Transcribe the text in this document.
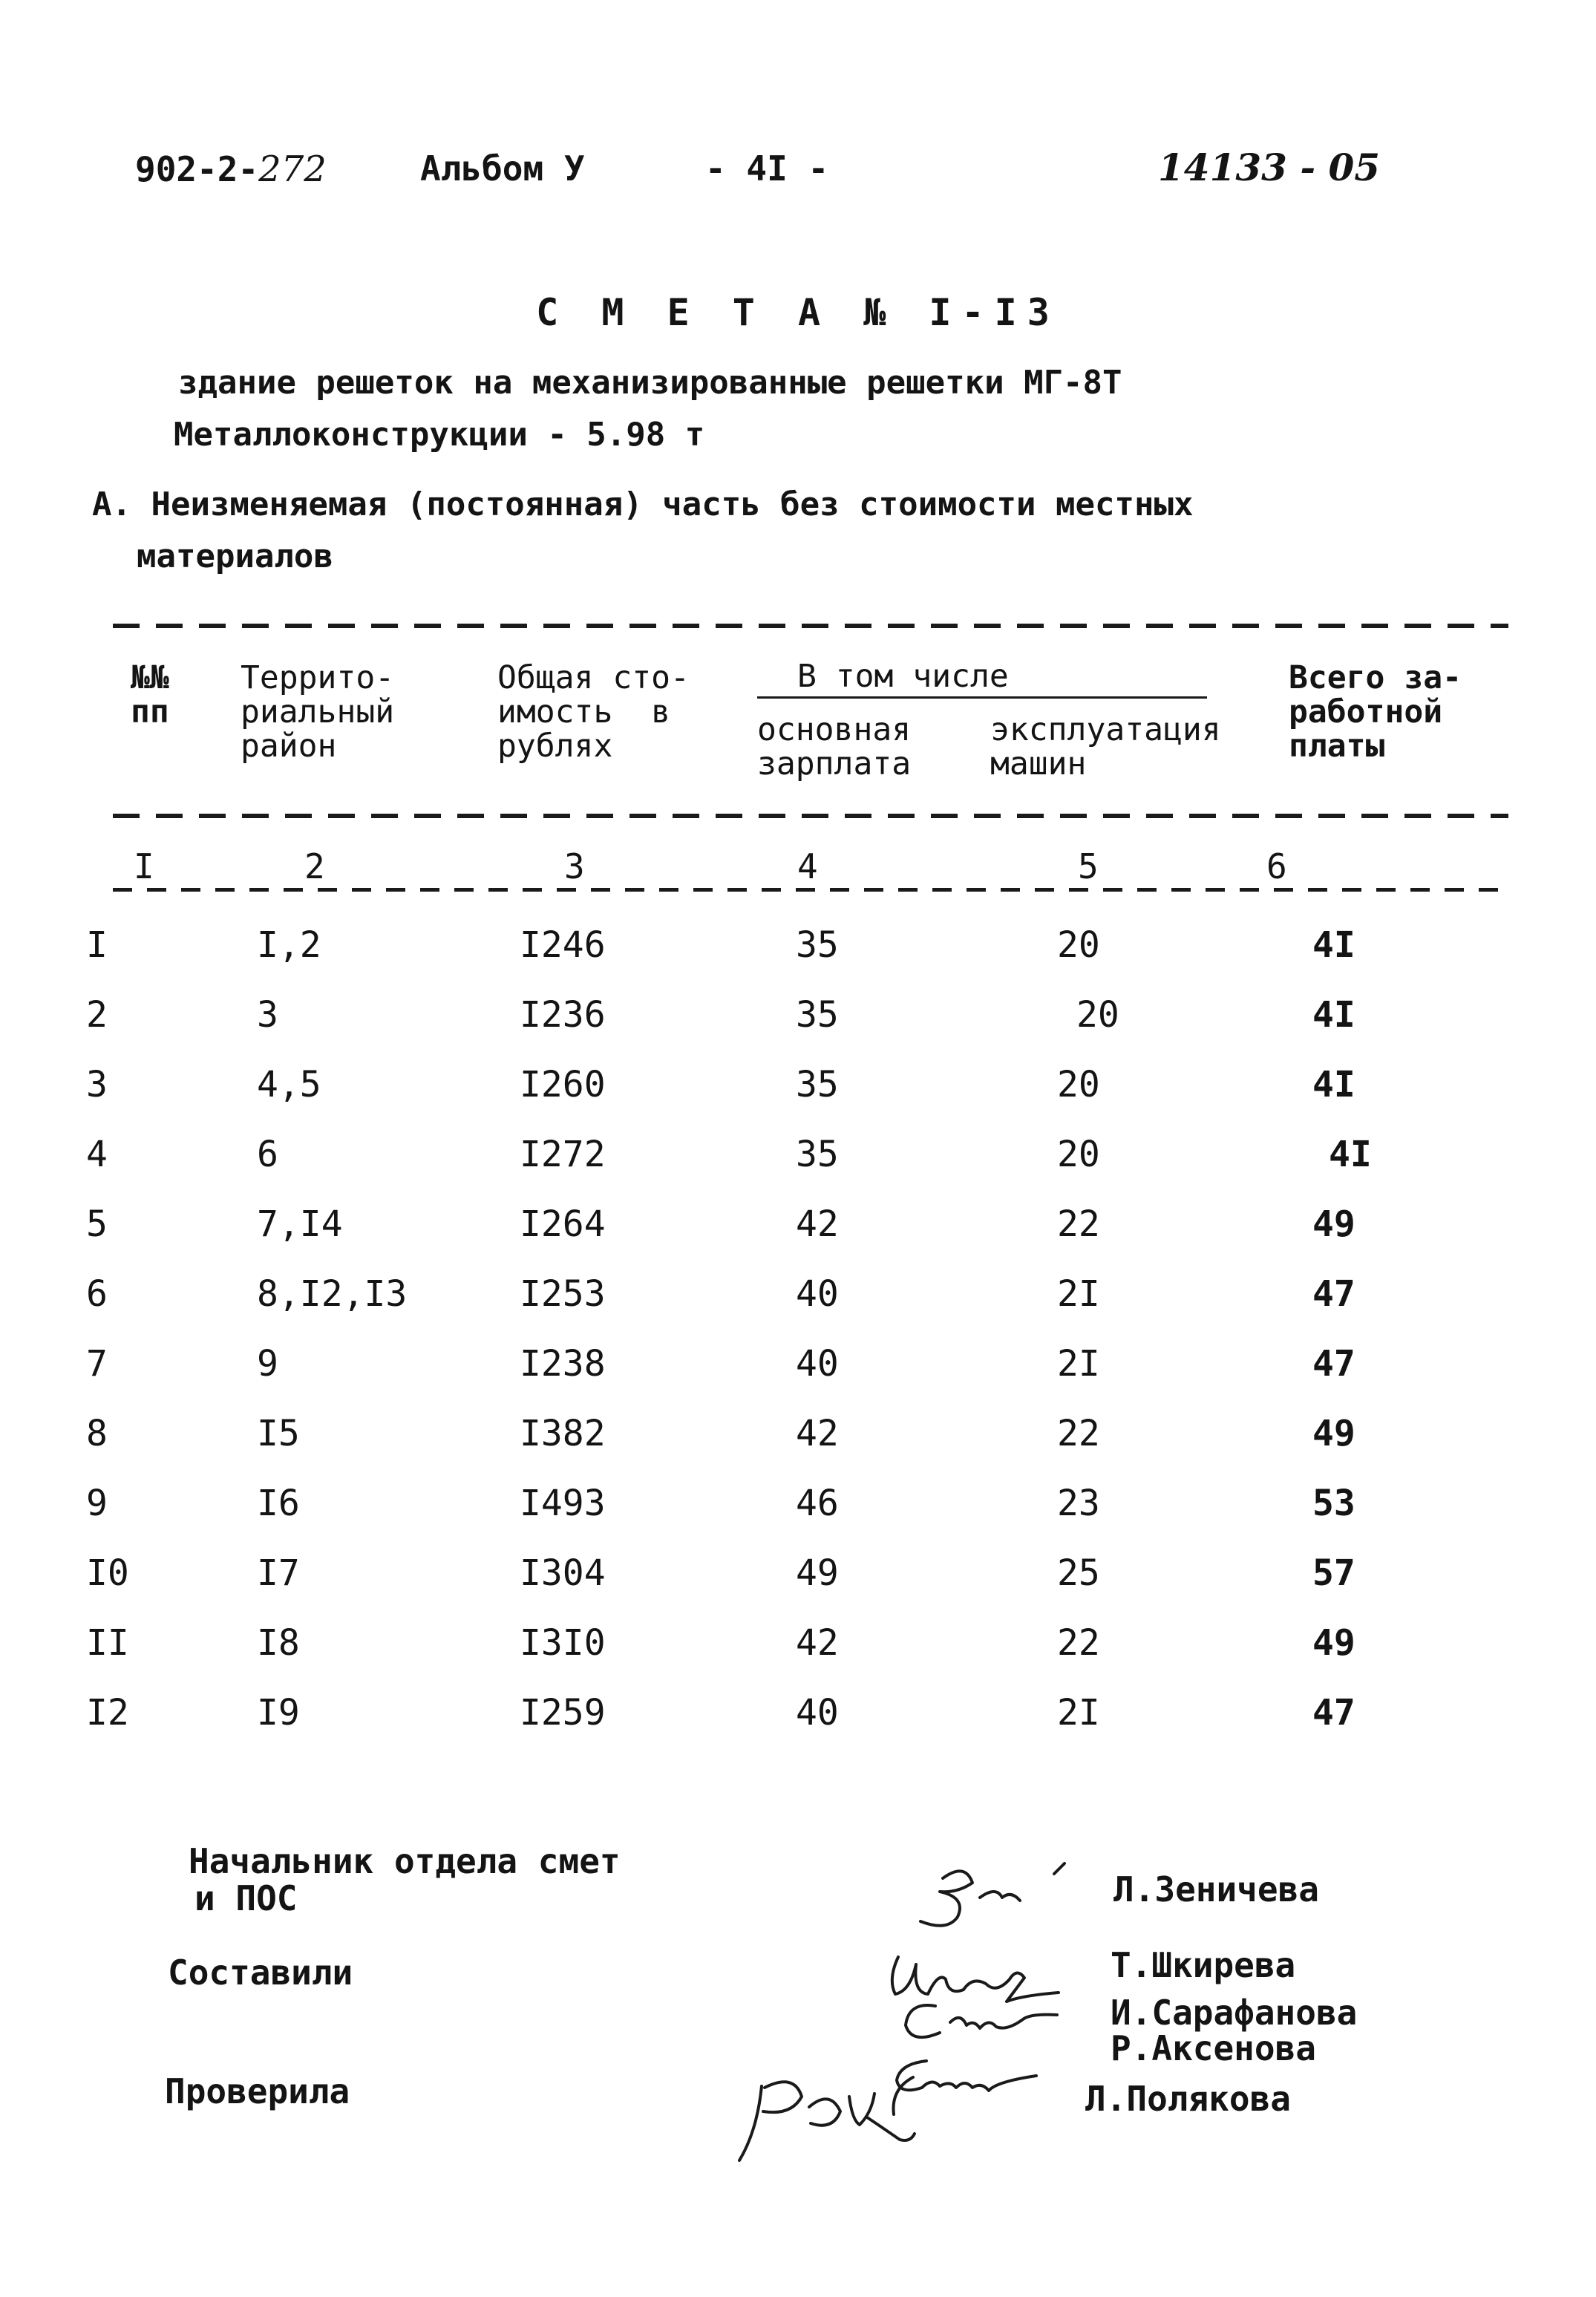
902-2-272	Альбом У	- 4I -	14133 - 05
С М Е Т А № I-I3
здание решеток на механизированные решетки МГ-8Т
Металлоконструкции - 5.98 т
А. Неизменяемая (постоянная) часть без стоимости местных
материалов
№№
пп
Террито-
риальный
район
Общая сто-
имость  в
рублях
В том числе
основная
зарплата
эксплуатация
машин
Всего за-
работной
платы
I	2	3	4	5	6
I	I,2	I246	35	20	4I
2	3	I236	35	20	4I
3	4,5	I260	35	20	4I
4	6	I272	35	20	4I
5	7,I4	I264	42	22	49
6	8,I2,I3	I253	40	2I	47
7	9	I238	40	2I	47
8	I5	I382	42	22	49
9	I6	I493	46	23	53
I0	I7	I304	49	25	57
II	I8	I3I0	42	22	49
I2	I9	I259	40	2I	47
Начальник отдела смет
и ПОС	Л.Зеничева
Составили	Т.Шкирева
И.Сарафанова
Р.Аксенова
Проверила	Л.Полякова
